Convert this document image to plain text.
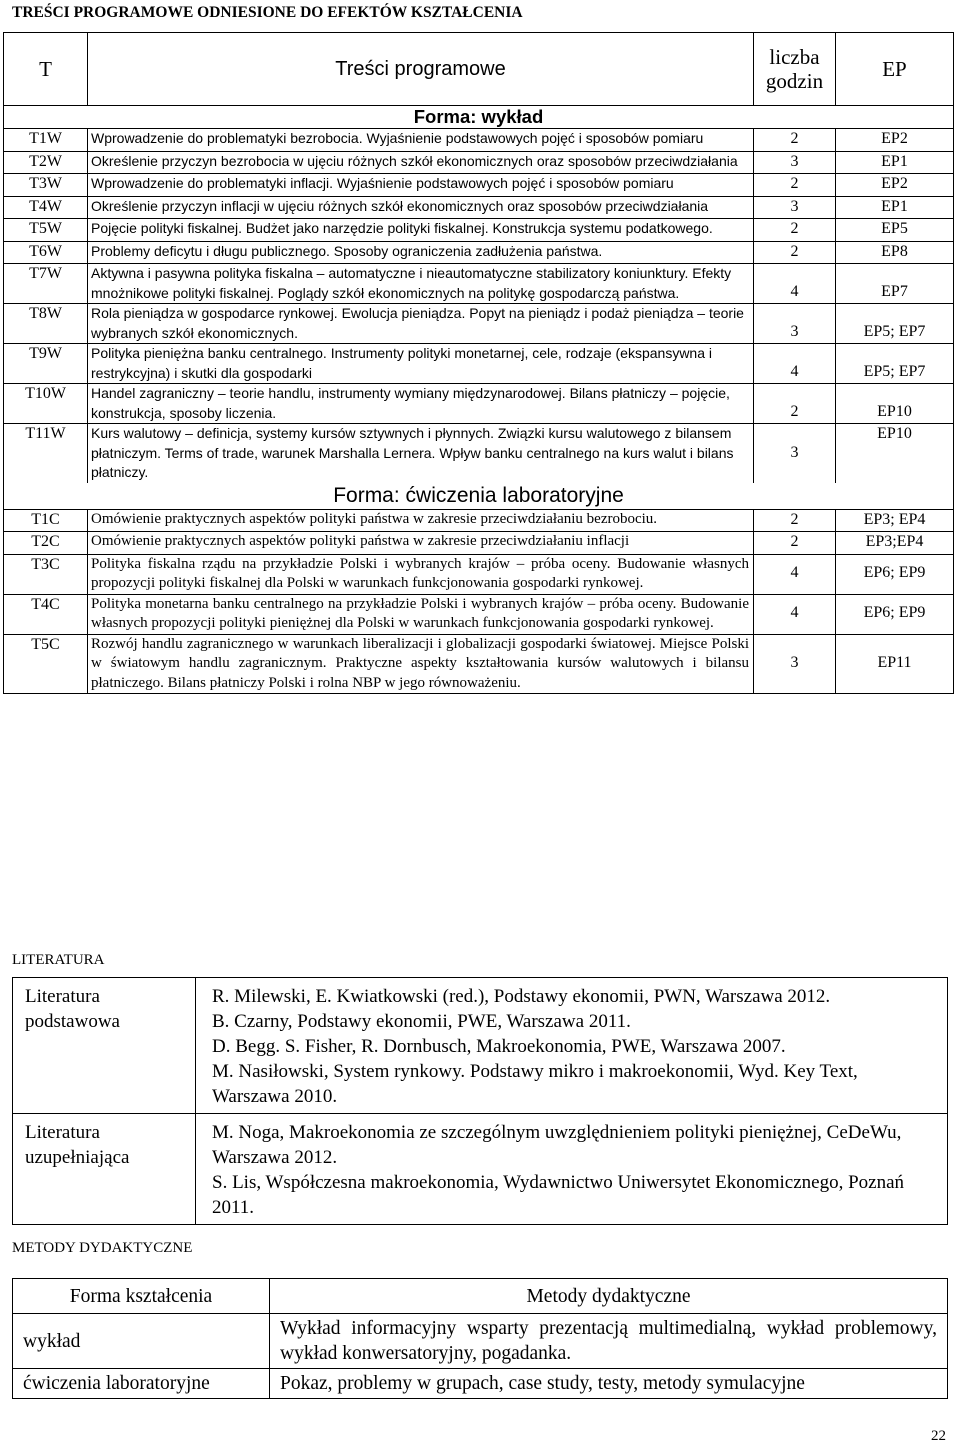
TREŚCI PROGRAMOWE ODNIESIONE DO EFEKTÓW KSZTAŁCENIA
T	Treści programowe	liczba godzin	EP
Forma: wykład			
T1W	Wprowadzenie do problematyki bezrobocia. Wyjaśnienie podstawowych pojęć i sposobów pomiaru	2	EP2
T2W	Określenie przyczyn bezrobocia w ujęciu różnych szkół ekonomicznych oraz sposobów przeciwdziałania	3	EP1
T3W	Wprowadzenie do problematyki inflacji. Wyjaśnienie podstawowych pojęć i sposobów pomiaru	2	EP2
T4W	Określenie przyczyn inflacji w ujęciu różnych szkół ekonomicznych oraz sposobów przeciwdziałania	3	EP1
T5W	Pojęcie polityki fiskalnej. Budżet jako narzędzie polityki fiskalnej. Konstrukcja systemu podatkowego.	2	EP5
T6W	Problemy deficytu i długu publicznego. Sposoby ograniczenia zadłużenia państwa.	2	EP8
T7W	Aktywna i pasywna polityka fiskalna – automatyczne i nieautomatyczne stabilizatory koniunktury. Efekty mnożnikowe polityki fiskalnej. Poglądy szkół ekonomicznych na politykę gospodarczą państwa.	4	EP7
T8W	Rola pieniądza w gospodarce rynkowej. Ewolucja pieniądza. Popyt na pieniądz i podaż pieniądza – teorie wybranych szkół ekonomicznych.	3	EP5; EP7
T9W	Polityka pieniężna banku centralnego. Instrumenty polityki monetarnej, cele, rodzaje (ekspansywna i restrykcyjna) i skutki dla gospodarki	4	EP5; EP7
T10W	Handel zagraniczny – teorie handlu, instrumenty wymiany międzynarodowej. Bilans płatniczy – pojęcie, konstrukcja, sposoby liczenia.	2	EP10
T11W	Kurs walutowy – definicja, systemy kursów sztywnych i płynnych. Związki kursu walutowego z bilansem płatniczym. Terms of trade, warunek Marshalla Lernera. Wpływ banku centralnego na kurs walut i bilans płatniczy.	3	EP10
Forma: ćwiczenia laboratoryjne			
T1C	Omówienie praktycznych aspektów polityki państwa w zakresie przeciwdziałaniu bezrobociu.	2	EP3; EP4
T2C	Omówienie praktycznych aspektów polityki państwa w zakresie przeciwdziałaniu inflacji	2	EP3;EP4
T3C	Polityka fiskalna rządu na przykładzie Polski i wybranych krajów – próba oceny. Budowanie własnych propozycji polityki fiskalnej dla Polski w warunkach funkcjonowania gospodarki rynkowej.	4	EP6; EP9
T4C	Polityka monetarna banku centralnego na przykładzie Polski i wybranych krajów – próba oceny. Budowanie własnych propozycji polityki pieniężnej dla Polski w warunkach funkcjonowania gospodarki rynkowej.	4	EP6; EP9
T5C	Rozwój handlu zagranicznego w warunkach liberalizacji i globalizacji gospodarki światowej. Miejsce Polski w światowym handlu zagranicznym. Praktyczne aspekty kształtowania kursów walutowych i bilansu płatniczego. Bilans płatniczy Polski i rolna NBP w jego równoważeniu.	3	EP11
LITERATURA
Literatura podstawowa	R. Milewski, E. Kwiatkowski (red.), Podstawy ekonomii, PWN, Warszawa 2012.
B. Czarny, Podstawy ekonomii, PWE, Warszawa 2011.
D. Begg. S. Fisher, R. Dornbusch, Makroekonomia, PWE, Warszawa 2007.
M. Nasiłowski, System rynkowy. Podstawy mikro i makroekonomii, Wyd. Key Text, Warszawa 2010.

Literatura uzupełniająca	M. Noga, Makroekonomia ze szczególnym uwzględnieniem polityki pieniężnej, CeDeWu, Warszawa 2012.
S. Lis, Współczesna makroekonomia, Wydawnictwo Uniwersytet Ekonomicznego, Poznań 2011.
METODY DYDAKTYCZNE
Forma kształcenia	Metody dydaktyczne
wykład	Wykład informacyjny wsparty prezentacją multimedialną, wykład problemowy, wykład konwersatoryjny, pogadanka.
ćwiczenia laboratoryjne	Pokaz, problemy w grupach, case study, testy, metody symulacyjne
22
